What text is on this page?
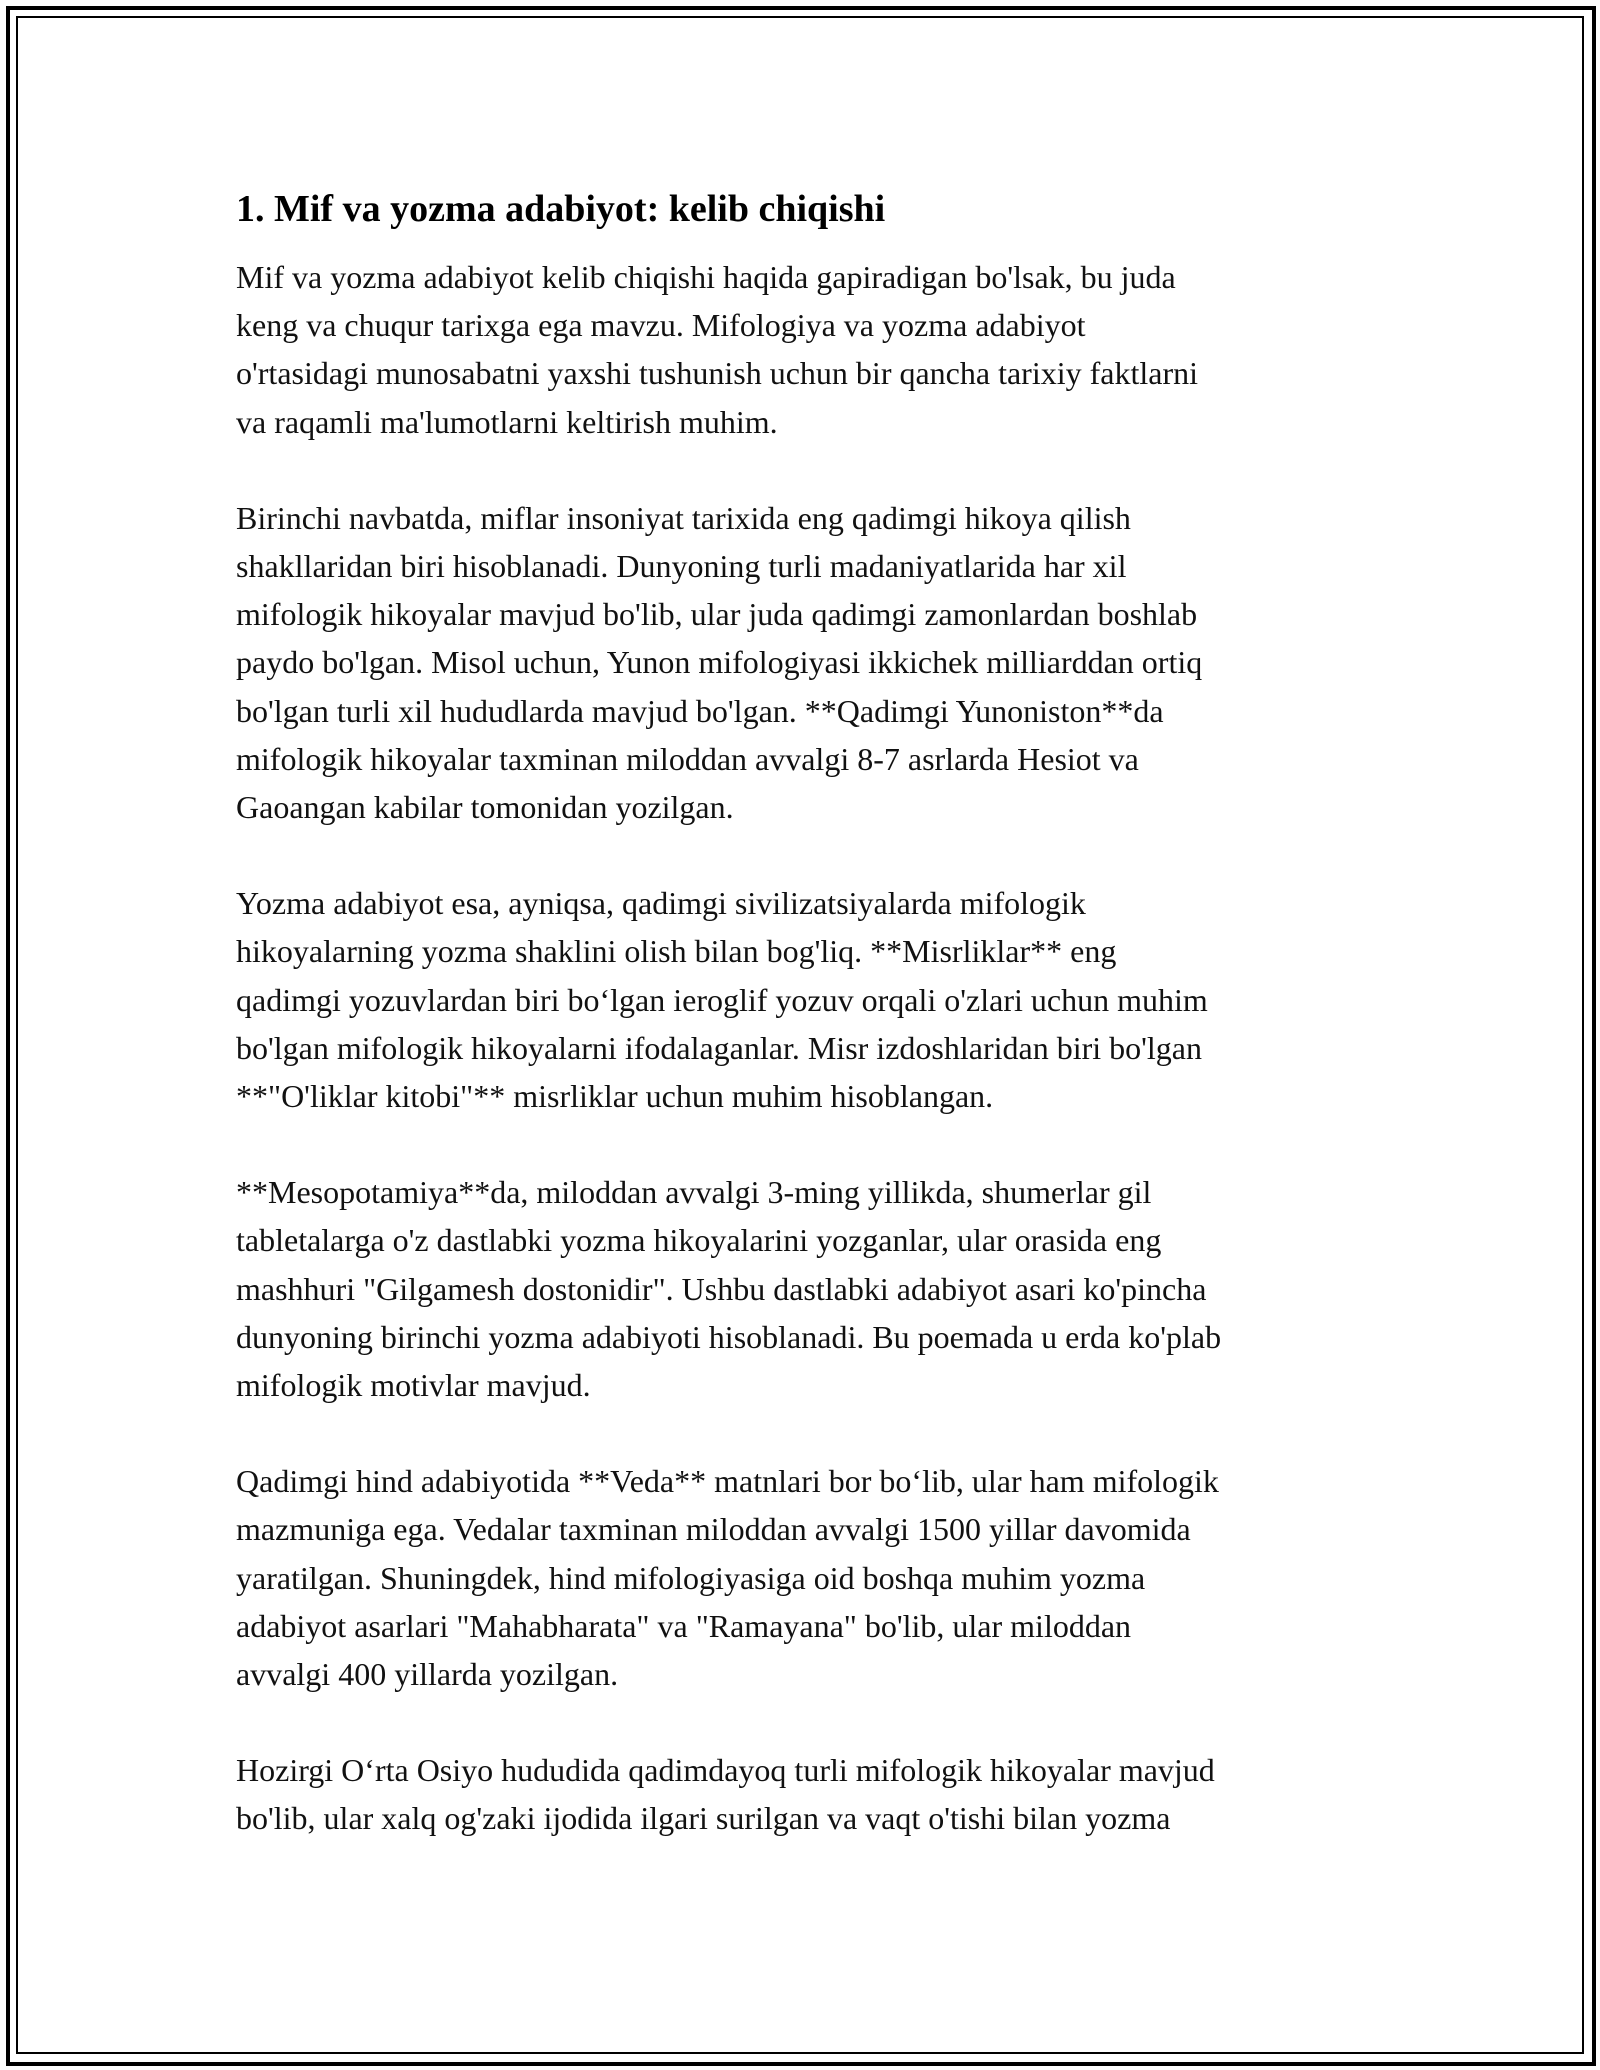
1. Mif va yozma adabiyot: kelib chiqishi

Mif va yozma adabiyot kelib chiqishi haqida gapiradigan bo'lsak, bu juda
keng va chuqur tarixga ega mavzu. Mifologiya va yozma adabiyot
o'rtasidagi munosabatni yaxshi tushunish uchun bir qancha tarixiy faktlarni
va raqamli ma'lumotlarni keltirish muhim.

Birinchi navbatda, miflar insoniyat tarixida eng qadimgi hikoya qilish
shakllaridan biri hisoblanadi. Dunyoning turli madaniyatlarida har xil
mifologik hikoyalar mavjud bo'lib, ular juda qadimgi zamonlardan boshlab
paydo bo'lgan. Misol uchun, Yunon mifologiyasi ikkichek milliarddan ortiq
bo'lgan turli xil hududlarda mavjud bo'lgan. **Qadimgi Yunoniston**da
mifologik hikoyalar taxminan miloddan avvalgi 8-7 asrlarda Hesiot va
Gaoangan kabilar tomonidan yozilgan.

Yozma adabiyot esa, ayniqsa, qadimgi sivilizatsiyalarda mifologik
hikoyalarning yozma shaklini olish bilan bog'liq. **Misrliklar** eng
qadimgi yozuvlardan biri bo‘lgan ieroglif yozuv orqali o'zlari uchun muhim
bo'lgan mifologik hikoyalarni ifodalaganlar. Misr izdoshlaridan biri bo'lgan
**"O'liklar kitobi"** misrliklar uchun muhim hisoblangan.

**Mesopotamiya**da, miloddan avvalgi 3-ming yillikda, shumerlar gil
tabletalarga o'z dastlabki yozma hikoyalarini yozganlar, ular orasida eng
mashhuri "Gilgamesh dostonidir". Ushbu dastlabki adabiyot asari ko'pincha
dunyoning birinchi yozma adabiyoti hisoblanadi. Bu poemada u erda ko'plab
mifologik motivlar mavjud.

Qadimgi hind adabiyotida **Veda** matnlari bor bo‘lib, ular ham mifologik
mazmuniga ega. Vedalar taxminan miloddan avvalgi 1500 yillar davomida
yaratilgan. Shuningdek, hind mifologiyasiga oid boshqa muhim yozma
adabiyot asarlari "Mahabharata" va "Ramayana" bo'lib, ular miloddan
avvalgi 400 yillarda yozilgan.

Hozirgi O‘rta Osiyo hududida qadimdayoq turli mifologik hikoyalar mavjud
bo'lib, ular xalq og'zaki ijodida ilgari surilgan va vaqt o'tishi bilan yozma
